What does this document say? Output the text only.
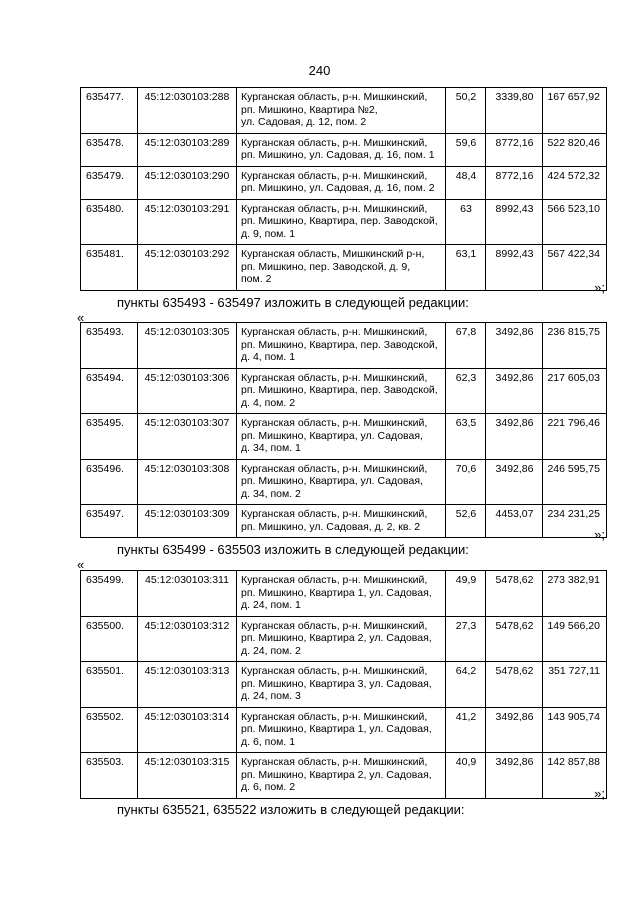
240
635477.	45:12:030103:288	Курганская область, р-н. Мишкинский,
рп. Мишкино, Квартира №2,
ул. Садовая, д. 12, пом. 2	50,2	3339,80	167 657,92
635478.	45:12:030103:289	Курганская область, р-н. Мишкинский,
рп. Мишкино, ул. Садовая, д. 16, пом. 1	59,6	8772,16	522 820,46
635479.	45:12:030103:290	Курганская область, р-н. Мишкинский,
рп. Мишкино, ул. Садовая, д. 16, пом. 2	48,4	8772,16	424 572,32
635480.	45:12:030103:291	Курганская область, р-н. Мишкинский,
рп. Мишкино, Квартира, пер. Заводской,
д. 9, пом. 1	63	8992,43	566 523,10
635481.	45:12:030103:292	Курганская область, Мишкинский р-н,
рп. Мишкино, пер. Заводской, д. 9,
пом. 2	63,1	8992,43	567 422,34
»;
пункты 635493 - 635497 изложить в следующей редакции:
«
635493.	45:12:030103:305	Курганская область, р-н. Мишкинский,
рп. Мишкино, Квартира, пер. Заводской,
д. 4, пом. 1	67,8	3492,86	236 815,75
635494.	45:12:030103:306	Курганская область, р-н. Мишкинский,
рп. Мишкино, Квартира, пер. Заводской,
д. 4, пом. 2	62,3	3492,86	217 605,03
635495.	45:12:030103:307	Курганская область, р-н. Мишкинский,
рп. Мишкино, Квартира, ул. Садовая,
д. 34, пом. 1	63,5	3492,86	221 796,46
635496.	45:12:030103:308	Курганская область, р-н. Мишкинский,
рп. Мишкино, Квартира, ул. Садовая,
д. 34, пом. 2	70,6	3492,86	246 595,75
635497.	45:12:030103:309	Курганская область, р-н. Мишкинский,
рп. Мишкино, ул. Садовая, д. 2, кв. 2	52,6	4453,07	234 231,25
»;
пункты 635499 - 635503 изложить в следующей редакции:
«
635499.	45:12:030103:311	Курганская область, р-н. Мишкинский,
рп. Мишкино, Квартира 1, ул. Садовая,
д. 24, пом. 1	49,9	5478,62	273 382,91
635500.	45:12:030103:312	Курганская область, р-н. Мишкинский,
рп. Мишкино, Квартира 2, ул. Садовая,
д. 24, пом. 2	27,3	5478,62	149 566,20
635501.	45:12:030103:313	Курганская область, р-н. Мишкинский,
рп. Мишкино, Квартира 3, ул. Садовая,
д. 24, пом. 3	64,2	5478,62	351 727,11
635502.	45:12:030103:314	Курганская область, р-н. Мишкинский,
рп. Мишкино, Квартира 1, ул. Садовая,
д. 6, пом. 1	41,2	3492,86	143 905,74
635503.	45:12:030103:315	Курганская область, р-н. Мишкинский,
рп. Мишкино, Квартира 2, ул. Садовая,
д. 6, пом. 2	40,9	3492,86	142 857,88
»;
пункты 635521, 635522 изложить в следующей редакции:
